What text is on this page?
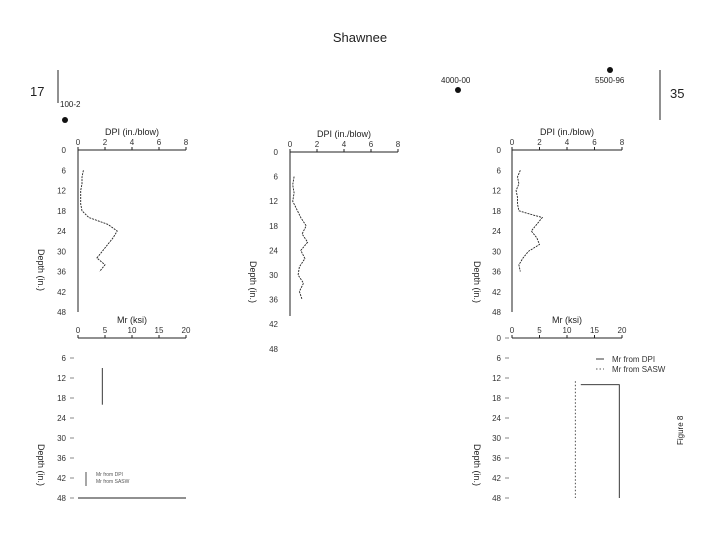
Shawnee
17	35
100-2
4000-00	5500-96
Figure 8
0	2	4	6	8
DPI (in./blow)
0
6
12
18
24
30
36
42
48
Depth (in.)
0	2	4	6	8
DPI (in./blow)
0
6
12
18
24
30
36
42
48
Depth (in.)
0	2	4	6	8
DPI (in./blow)
0
6
12
18
24
30
36
42
48
Depth (in.)
0	5	10 15 20
Mr (ksi)
6
12
18
24
30
36
42
48
Depth (in.)	Mr from DPI
Mr from SASW
0	5	10 15 20
Mr (ksi)
0
6
12
18
24
30
36
42
48
Depth (in.)
Mr from DPI
Mr from SASW
